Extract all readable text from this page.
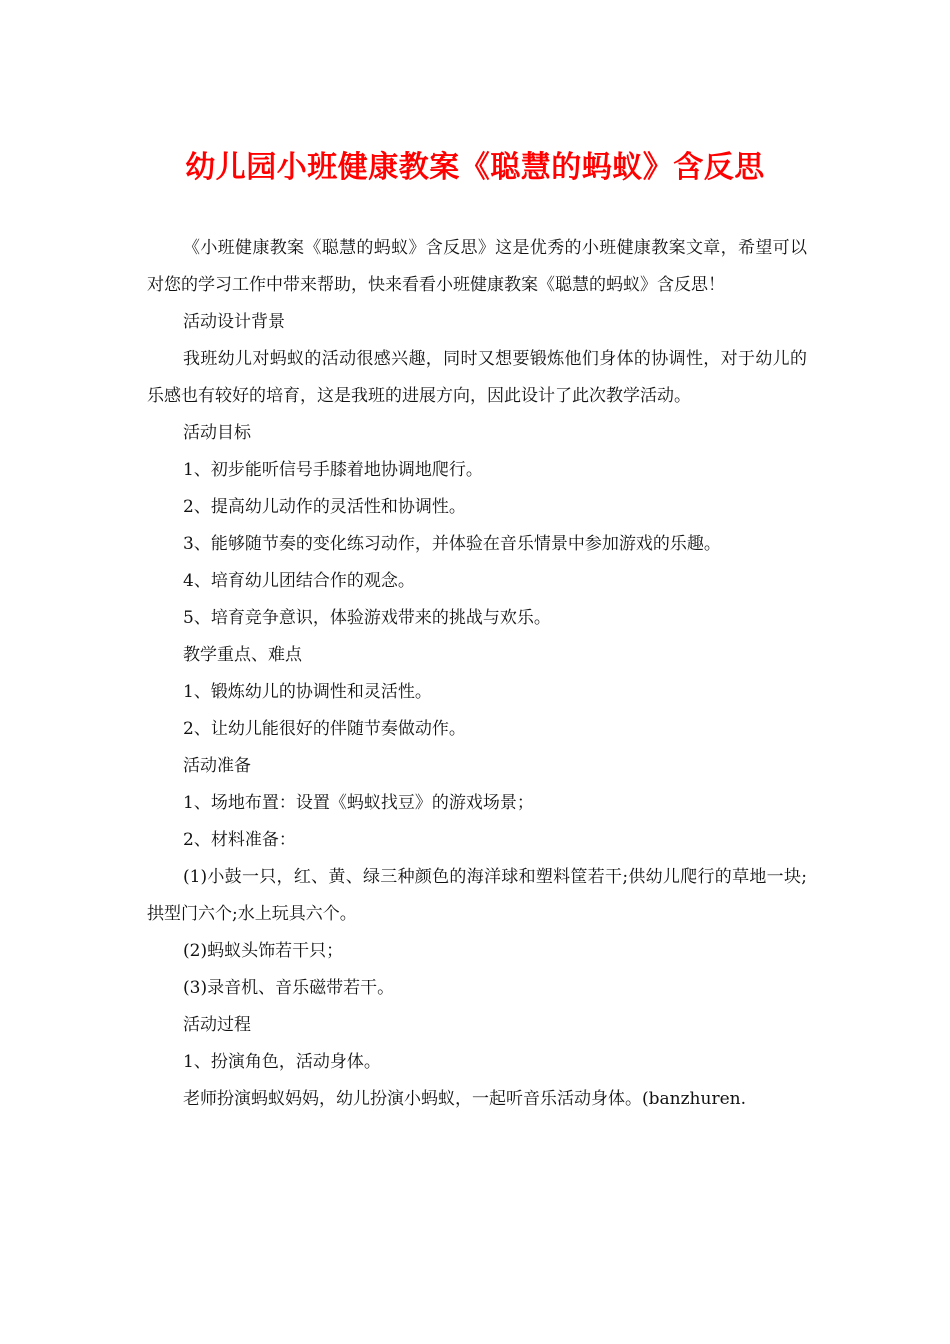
幼儿园小班健康教案《聪慧的蚂蚁》含反思

《小班健康教案《聪慧的蚂蚁》含反思》这是优秀的小班健康教案文章，希望可以对您的学习工作中带来帮助，快来看看小班健康教案《聪慧的蚂蚁》含反思！

活动设计背景

我班幼儿对蚂蚁的活动很感兴趣，同时又想要锻炼他们身体的协调性，对于幼儿的乐感也有较好的培育，这是我班的进展方向，因此设计了此次教学活动。

活动目标

1、初步能听信号手膝着地协调地爬行。

2、提高幼儿动作的灵活性和协调性。

3、能够随节奏的变化练习动作，并体验在音乐情景中参加游戏的乐趣。

4、培育幼儿团结合作的观念。

5、培育竞争意识，体验游戏带来的挑战与欢乐。

教学重点、难点

1、锻炼幼儿的协调性和灵活性。

2、让幼儿能很好的伴随节奏做动作。

活动准备

1、场地布置：设置《蚂蚁找豆》的游戏场景；

2、材料准备：

(1)小鼓一只，红、黄、绿三种颜色的海洋球和塑料筐若干;供幼儿爬行的草地一块;拱型门六个;水上玩具六个。

(2)蚂蚁头饰若干只；

(3)录音机、音乐磁带若干。

活动过程

1、扮演角色，活动身体。

老师扮演蚂蚁妈妈，幼儿扮演小蚂蚁，一起听音乐活动身体。(banzhuren.
